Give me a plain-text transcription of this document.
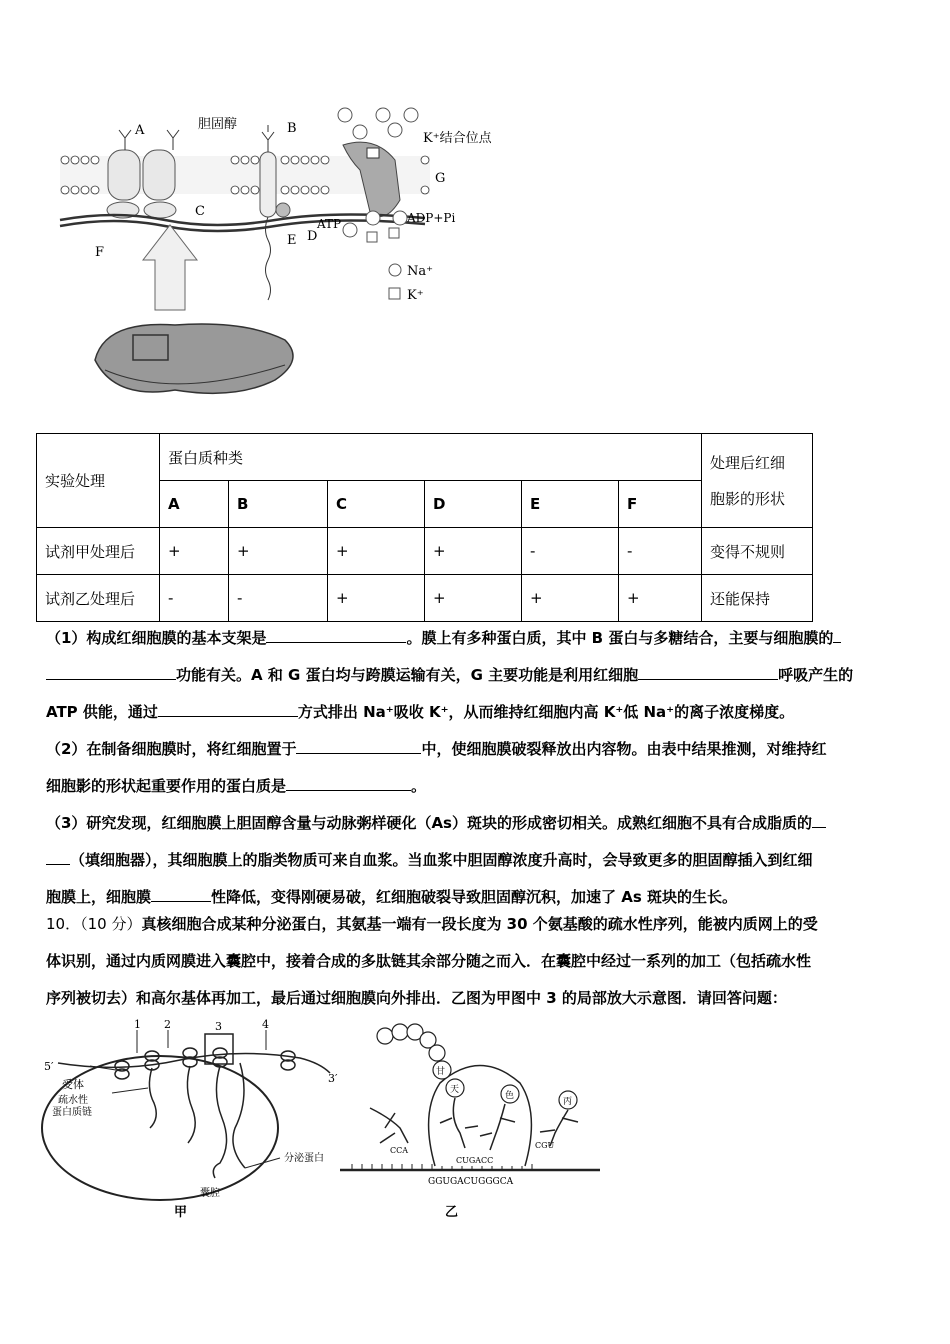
A	胆固醇	B
K⁺结合位点
G
C
ATP	ADP+Pi
E D
F
Na⁺
K⁺
实验处理	蛋白质种类						处理后红细
胞影的形状
	A	B	C	D	E	F	
试剂甲处理后	+	+	+	+	-	-	变得不规则
试剂乙处理后	-	-	+	+	+	+	还能保持

（1）构成红细胞膜的基本支架是	。膜上有多种蛋白质，其中 B 蛋白与多糖结合，主要与细胞膜的

功能有关。A 和 G 蛋白均与跨膜运输有关，G 主要功能是利用红细胞	呼吸产生的

ATP 供能，通过	方式排出 Na⁺吸收 K⁺，从而维持红细胞内高 K⁺低 Na⁺的离子浓度梯度。

（2）在制备细胞膜时，将红细胞置于	中，使细胞膜破裂释放出内容物。由表中结果推测，对维持红

细胞影的形状起重要作用的蛋白质是	。

（3）研究发现，红细胞膜上胆固醇含量与动脉粥样硬化（As）斑块的形成密切相关。成熟红细胞不具有合成脂质的

（填细胞器），其细胞膜上的脂类物质可来自血浆。当血浆中胆固醇浓度升高时，会导致更多的胆固醇插入到红细

胞膜上，细胞膜	性降低，变得刚硬易破，红细胞破裂导致胆固醇沉积，加速了 As 斑块的生长。

10．（10 分）真核细胞合成某种分泌蛋白，其氨基一端有一段长度为 30 个氨基酸的疏水性序列，能被内质网上的受

体识别，通过内质网膜进入囊腔中，接着合成的多肽链其余部分随之而入．在囊腔中经过一系列的加工（包括疏水性

序列被切去）和高尔基体再加工，最后通过细胞膜向外排出．乙图为甲图中 3 的局部放大示意图．请回答问题：

1 2	3	4
5′
3′
受体
疏水性
蛋白质链
囊腔
分泌蛋白
甲
甘
天
色
丙
CCA
CUGACC
CGU
GGUGACUGGGCA
乙
